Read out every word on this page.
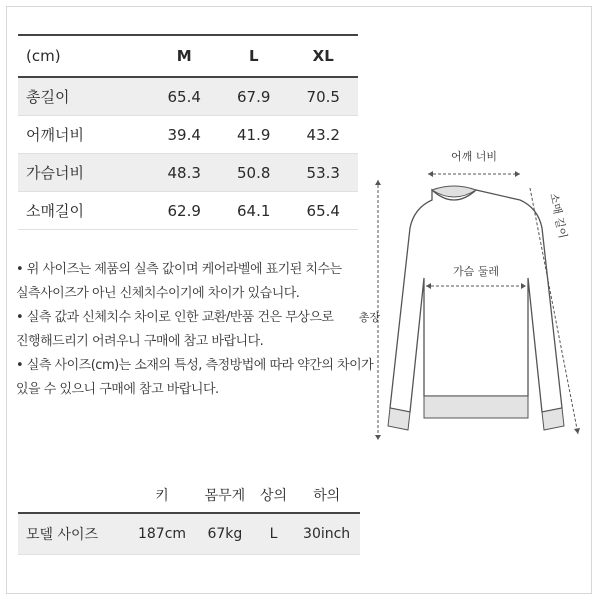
(cm)	M	L	XL
총길이	65.4	67.9	70.5
어깨너비	39.4	41.9	43.2
가슴너비	48.3	50.8	53.3
소매길이	62.9	64.1	65.4
• 위 사이즈는 제품의 실측 값이며 케어라벨에 표기된 치수는
실측사이즈가 아닌 신체치수이기에 차이가 있습니다.
• 실측 값과 신체치수 차이로 인한 교환/반품 건은 무상으로
진행해드리기 어려우니 구매에 참고 바랍니다.
• 실측 사이즈(cm)는 소재의 특성, 측정방법에 따라 약간의 차이가
있을 수 있으니 구매에 참고 바랍니다.
어깨 너비
가슴 둘레
총장
소매 길이
	키	몸무게	상의	하의
모델 사이즈	187cm	67kg	L	30inch
